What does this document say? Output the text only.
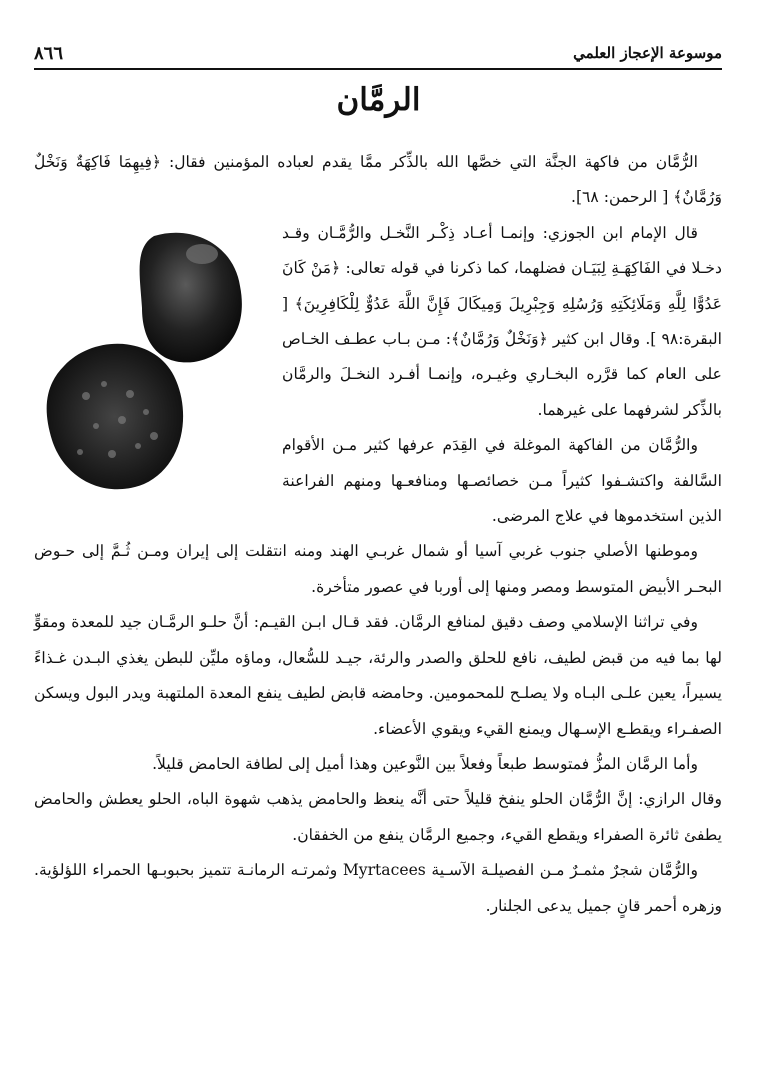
٨٦٦	موسوعة الإعجاز العلمي
الرمَّان

الرُّمَّان من فاكهة الجنَّة التي خصَّها الله بالذِّكر ممَّا يقدم لعباده المؤمنين فقال: ﴿فِيهِمَا فَاكِهَةٌ وَنَخْلٌ وَرُمَّانٌ﴾ [ الرحمن: ٦٨].

قال الإمام ابن الجوزي: وإنمـا أعـاد ذِكْـر النَّخـل والرُّمَّـان وقـد دخـلا في الفَاكِهَـةِ لِبَيَـان فضلهما، كما ذكرنا في قوله تعالى: ﴿مَنْ كَانَ عَدُوًّا لِلَّهِ وَمَلَائِكَتِهِ وَرُسُلِهِ وَجِبْرِيلَ وَمِيكَالَ فَإِنَّ اللَّهَ عَدُوٌّ لِلْكَافِرِينَ﴾ [ البقرة:٩٨ ]. وقال ابن كثير ﴿وَنَخْلٌ وَرُمَّانٌ﴾: مـن بـاب عطـف الخـاص على العام كما قرَّره البخـاري وغيـره، وإنمـا أفـرد النخـلَ والرمَّان بالذِّكر لشرفهما على غيرهما.

والرُّمَّان من الفاكهة الموغلة في القِدَم عرفها كثير مـن الأقوام السَّالفة واكتشـفوا كثيراً مـن خصائصـها ومنافعـها ومنهم الفراعنة الذين استخدموها في علاج المرضى.

وموطنها الأصلي جنوب غربي آسيا أو شمال غربـي الهند ومنه انتقلت إلى إيران ومـن ثُـمَّ إلى حـوض البحـر الأبيض المتوسط ومصر ومنها إلى أوربا في عصور متأخرة.

وفي تراثنا الإسلامي وصف دقيق لمنافع الرمَّان. فقد قـال ابـن القيـم: أنَّ حلـو الرمَّـان جيد للمعدة ومقوٍّ لها بما فيه من قبض لطيف، نافع للحلق والصدر والرئة، جيـد للسُّعال، وماؤه مليِّن للبطن يغذي البـدن غـذاءً يسيراً، يعين علـى البـاه ولا يصلـح للمحمومين. وحامضه قابض لطيف ينفع المعدة الملتهبة ويدر البول ويسكن الصفـراء ويقطـع الإسـهال ويمنع القيء ويقوي الأعضاء.

وأما الرمَّان المزُّ فمتوسط طبعاً وفعلاً بين النَّوعين وهذا أميل إلى لطافة الحامض قليلاً.

وقال الرازي: إنَّ الرُّمَّان الحلو ينفخ قليلاً حتى أنَّه ينعظ والحامض يذهب شهوة الباه، الحلو يعطش والحامض يطفئ ثائرة الصفراء ويقطع القيء، وجميع الرمَّان ينفع من الخفقان.

والرُّمَّان شجرٌ مثمـرٌ مـن الفصيلـة الآسـية Myrtacees وثمرتـه الرمانـة تتميز بحبوبـها الحمراء اللؤلؤية. وزهره أحمر قانٍ جميل يدعى الجلنار.
